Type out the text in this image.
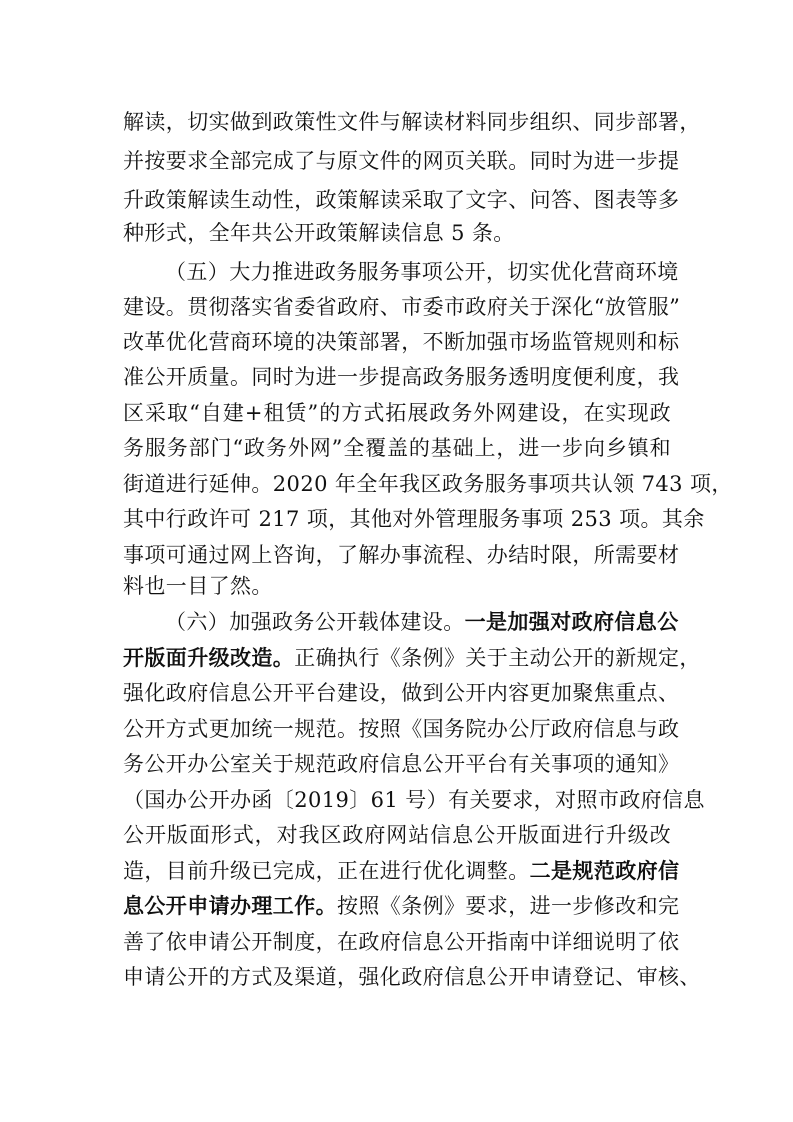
解读，切实做到政策性文件与解读材料同步组织、同步部署，
并按要求全部完成了与原文件的网页关联。同时为进一步提
升政策解读生动性，政策解读采取了文字、问答、图表等多
种形式，全年共公开政策解读信息 5 条。
（五）大力推进政务服务事项公开，切实优化营商环境
建设。贯彻落实省委省政府、市委市政府关于深化“放管服”
改革优化营商环境的决策部署，不断加强市场监管规则和标
准公开质量。同时为进一步提高政务服务透明度便利度，我
区采取“自建+租赁”的方式拓展政务外网建设，在实现政
务服务部门“政务外网”全覆盖的基础上，进一步向乡镇和
街道进行延伸。2020 年全年我区政务服务事项共认领 743 项，
其中行政许可 217 项，其他对外管理服务事项 253 项。其余
事项可通过网上咨询，了解办事流程、办结时限，所需要材
料也一目了然。
（六）加强政务公开载体建设。一是加强对政府信息公
开版面升级改造。正确执行《条例》关于主动公开的新规定，
强化政府信息公开平台建设，做到公开内容更加聚焦重点、
公开方式更加统一规范。按照《国务院办公厅政府信息与政
务公开办公室关于规范政府信息公开平台有关事项的通知》
（国办公开办函〔2019〕61 号）有关要求，对照市政府信息
公开版面形式，对我区政府网站信息公开版面进行升级改
造，目前升级已完成，正在进行优化调整。二是规范政府信
息公开申请办理工作。按照《条例》要求，进一步修改和完
善了依申请公开制度，在政府信息公开指南中详细说明了依
申请公开的方式及渠道，强化政府信息公开申请登记、审核、
